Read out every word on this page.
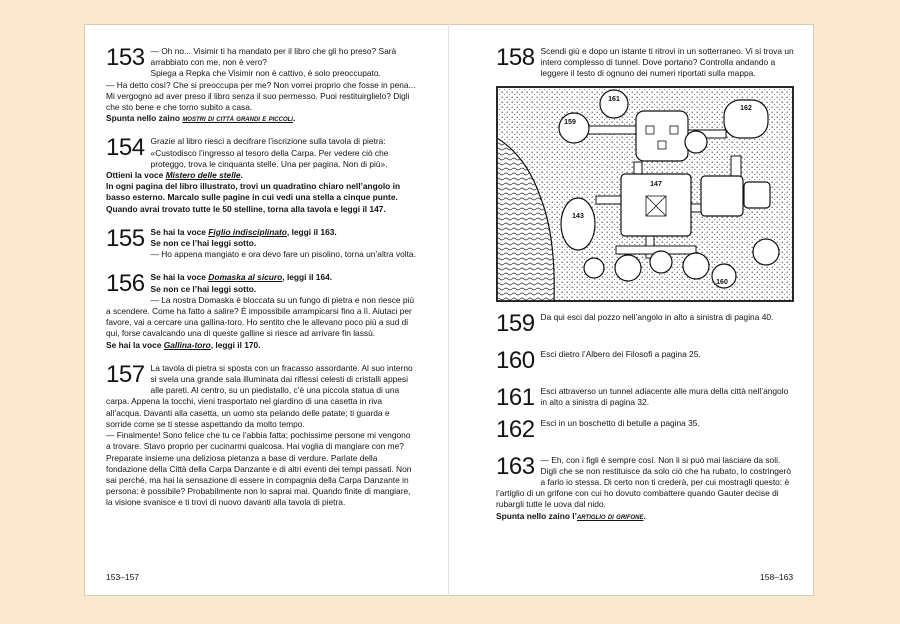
153 — Oh no... Visimir ti ha mandato per il libro che gli ho preso? Sarà arrabbiato con me, non è vero?

Spiega a Repka che Visimir non è cattivo, è solo preoccupato.

— Ha detto così? Che si preoccupa per me? Non vorrei proprio che fosse in pena... Mi vergogno ad aver preso il libro senza il suo permesso. Puoi restituirglielo? Digli che sto bene e che torno subito a casa.

Spunta nello zaino mostri di città grandi e piccoli.

154 Grazie al libro riesci a decifrare l’iscrizione sulla tavola di pietra: «Custodisco l’ingresso al tesoro della Carpa. Per vedere ciò che proteggo, trova le cinquanta stelle. Una per pagina. Non di più».

Ottieni la voce Mistero delle stelle.

In ogni pagina del libro illustrato, trovi un quadratino chiaro nell’angolo in basso esterno. Marcalo sulle pagine in cui vedi una stella a cinque punte. Quando avrai trovato tutte le 50 stelline, torna alla tavola e leggi il 147.

155 Se hai la voce Figlio indisciplinato, leggi il 163.

Se non ce l’hai leggi sotto.

— Ho appena mangiato e ora devo fare un pisolino, torna un’altra volta.

156 Se hai la voce Domaska al sicuro, leggi il 164.

Se non ce l’hai leggi sotto.

— La nostra Domaska è bloccata su un fungo di pietra e non riesce più a scendere. Come ha fatto a salire? È impossibile arrampicarsi fino a lì. Aiutaci per favore, vai a cercare una gallina-toro. Ho sentito che le allevano poco più a sud di qui, forse cavalcando una di queste galline si riesce ad arrivare fin lassù.

Se hai la voce Gallina-toro, leggi il 170.

157 La tavola di pietra si sposta con un fracasso assordante. Al suo interno si svela una grande sala illuminata dai riflessi celesti di cristalli appesi alle pareti. Al centro, su un piedistallo, c’è una piccola statua di una carpa. Appena la tocchi, vieni trasportato nel giardino di una casetta in riva all’acqua. Davanti alla casetta, un uomo sta pelando delle patate; ti guarda e sorride come se ti stesse aspettando da molto tempo.

— Finalmente! Sono felice che tu ce l’abbia fatta; pochissime persone mi vengono a trovare. Stavo proprio per cucinarmi qualcosa. Hai voglia di mangiare con me?

Preparate insieme una deliziosa pietanza a base di verdure. Parlate della fondazione della Città della Carpa Danzante e di altri eventi dei tempi passati. Non sai perché, ma hai la sensazione di essere in compagnia della Carpa Danzante in persona: è possibile? Probabilmente non lo saprai mai. Quando finite di mangiare, la visione svanisce e ti trovi di nuovo davanti alla tavola di pietra.

153–157
158 Scendi giù e dopo un istante ti ritrovi in un sotterraneo. Vi si trova un intero complesso di tunnel. Dove portano? Controlla andando a leggere il testo di ognuno dei numeri riportati sulla mappa.

161
159
162
147
143
160
159 Da qui esci dal pozzo nell’angolo in alto a sinistra di pagina 40.

160 Esci dietro l’Albero dei Filosofi a pagina 25.

161 Esci attraverso un tunnel adiacente alle mura della città nell’angolo in alto a sinistra di pagina 32.

162 Esci in un boschetto di betulle a pagina 35.

163 — Eh, con i figli è sempre così. Non li si può mai lasciare da soli. Digli che se non restituisce da solo ciò che ha rubato, lo costringerò a farlo io stessa. Di certo non ti crederà, per cui mostragli questo: è l’artiglio di un grifone con cui ho dovuto combattere quando Gauter decise di rubargli tutte le uova dal nido.

Spunta nello zaino l’artiglio di grifone.

158–163
